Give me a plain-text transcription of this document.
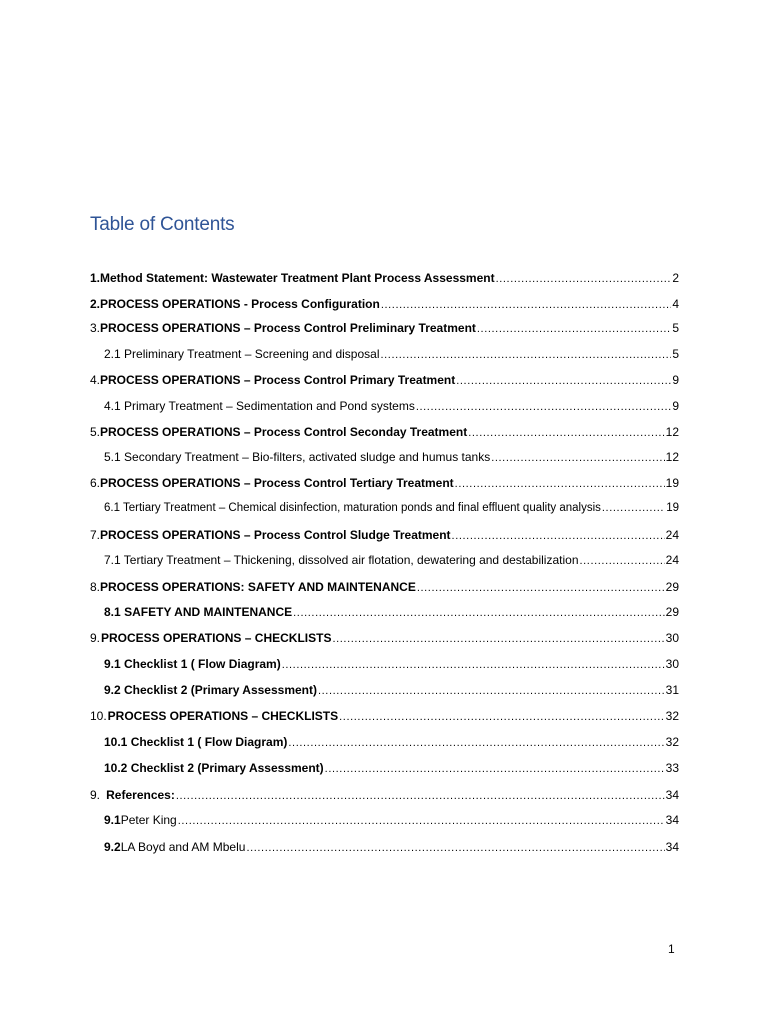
Table of Contents
1. Method Statement: Wastewater Treatment Plant Process Assessment .....	2
2. PROCESS OPERATIONS - Process Configuration .....	4
3. PROCESS OPERATIONS – Process Control Preliminary Treatment .....	5
2.1 Preliminary Treatment – Screening and disposal .....	5
4. PROCESS OPERATIONS – Process Control Primary Treatment .....	9
4.1 Primary Treatment – Sedimentation and Pond systems .....	9
5. PROCESS OPERATIONS – Process Control Seconday Treatment .....	12
5.1 Secondary Treatment – Bio-filters, activated sludge and humus tanks .....	12
6. PROCESS OPERATIONS – Process Control Tertiary Treatment .....	19
6.1 Tertiary Treatment – Chemical disinfection, maturation ponds and final effluent quality analysis .....	19
7. PROCESS OPERATIONS – Process Control Sludge Treatment .....	24
7.1 Tertiary Treatment – Thickening, dissolved air flotation, dewatering and destabilization .....	24
8. PROCESS OPERATIONS: SAFETY AND MAINTENANCE .....	29
8.1 SAFETY AND MAINTENANCE .....	29
9. PROCESS OPERATIONS – CHECKLISTS .....	30
9.1 Checklist 1 ( Flow Diagram) .....	30
9.2 Checklist 2 (Primary Assessment) .....	31
10. PROCESS OPERATIONS – CHECKLISTS .....	32
10.1 Checklist 1 ( Flow Diagram) .....	32
10.2 Checklist 2 (Primary Assessment) .....	33
9. References: .....	34
9.1 Peter King .....	34
9.2 LA Boyd and AM Mbelu .....	34
1
